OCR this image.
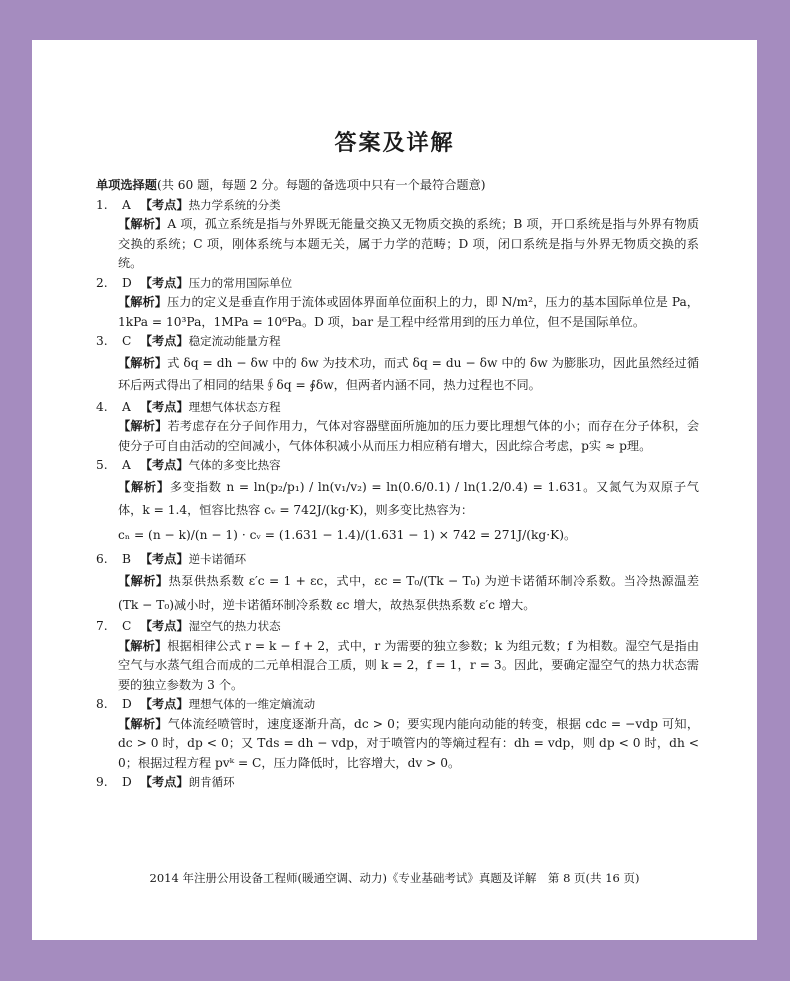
答案及详解

单项选择题(共 60 题，每题 2 分。每题的备选项中只有一个最符合题意)

1. A 【考点】热力学系统的分类
【解析】A 项，孤立系统是指与外界既无能量交换又无物质交换的系统；B 项，开口系统是指与外界有物质交换的系统；C 项，刚体系统与本题无关，属于力学的范畴；D 项，闭口系统是指与外界无物质交换的系统。
2. D 【考点】压力的常用国际单位
【解析】压力的定义是垂直作用于流体或固体界面单位面积上的力，即 N/m²，压力的基本国际单位是 Pa，1kPa = 10³Pa，1MPa = 10⁶Pa。D 项，bar 是工程中经常用到的压力单位，但不是国际单位。
3. C 【考点】稳定流动能量方程
【解析】式 δq = dh − δw 中的 δw 为技术功，而式 δq = du − δw 中的 δw 为膨胀功，因此虽然经过循环后两式得出了相同的结果∮δq = ∮δw，但两者内涵不同，热力过程也不同。
4. A 【考点】理想气体状态方程
【解析】若考虑存在分子间作用力，气体对容器壁面所施加的压力要比理想气体的小；而存在分子体积，会使分子可自由活动的空间减小，气体体积减小从而压力相应稍有增大，因此综合考虑，p实 ≈ p理。
5. A 【考点】气体的多变比热容
【解析】多变指数 n = ln(p₂/p₁) / ln(v₁/v₂) = ln(0.6/0.1) / ln(1.2/0.4) = 1.631。又氮气为双原子气体，k = 1.4，恒容比热容 cᵥ = 742J/(kg·K)，则多变比热容为：
cₙ = (n − k)/(n − 1) · cᵥ = (1.631 − 1.4)/(1.631 − 1) × 742 = 271J/(kg·K)。
6. B 【考点】逆卡诺循环
【解析】热泵供热系数 ε′c = 1 + εc，式中，εc = T₀/(Tk − T₀) 为逆卡诺循环制冷系数。当冷热源温差(Tk − T₀)减小时，逆卡诺循环制冷系数 εc 增大，故热泵供热系数 ε′c 增大。
7. C 【考点】湿空气的热力状态
【解析】根据相律公式 r = k − f + 2，式中，r 为需要的独立参数；k 为组元数；f 为相数。湿空气是指由空气与水蒸气组合而成的二元单相混合工质，则 k = 2，f = 1，r = 3。因此，要确定湿空气的热力状态需要的独立参数为 3 个。
8. D 【考点】理想气体的一维定熵流动
【解析】气体流经喷管时，速度逐渐升高，dc > 0；要实现内能向动能的转变，根据 cdc = −vdp 可知，dc > 0 时，dp < 0；又 Tds = dh − vdp，对于喷管内的等熵过程有：dh = vdp，则 dp < 0 时，dh < 0；根据过程方程 pvᵏ = C，压力降低时，比容增大，dv > 0。
9. D 【考点】朗肯循环
2014 年注册公用设备工程师(暖通空调、动力)《专业基础考试》真题及详解　第 8 页(共 16 页)
